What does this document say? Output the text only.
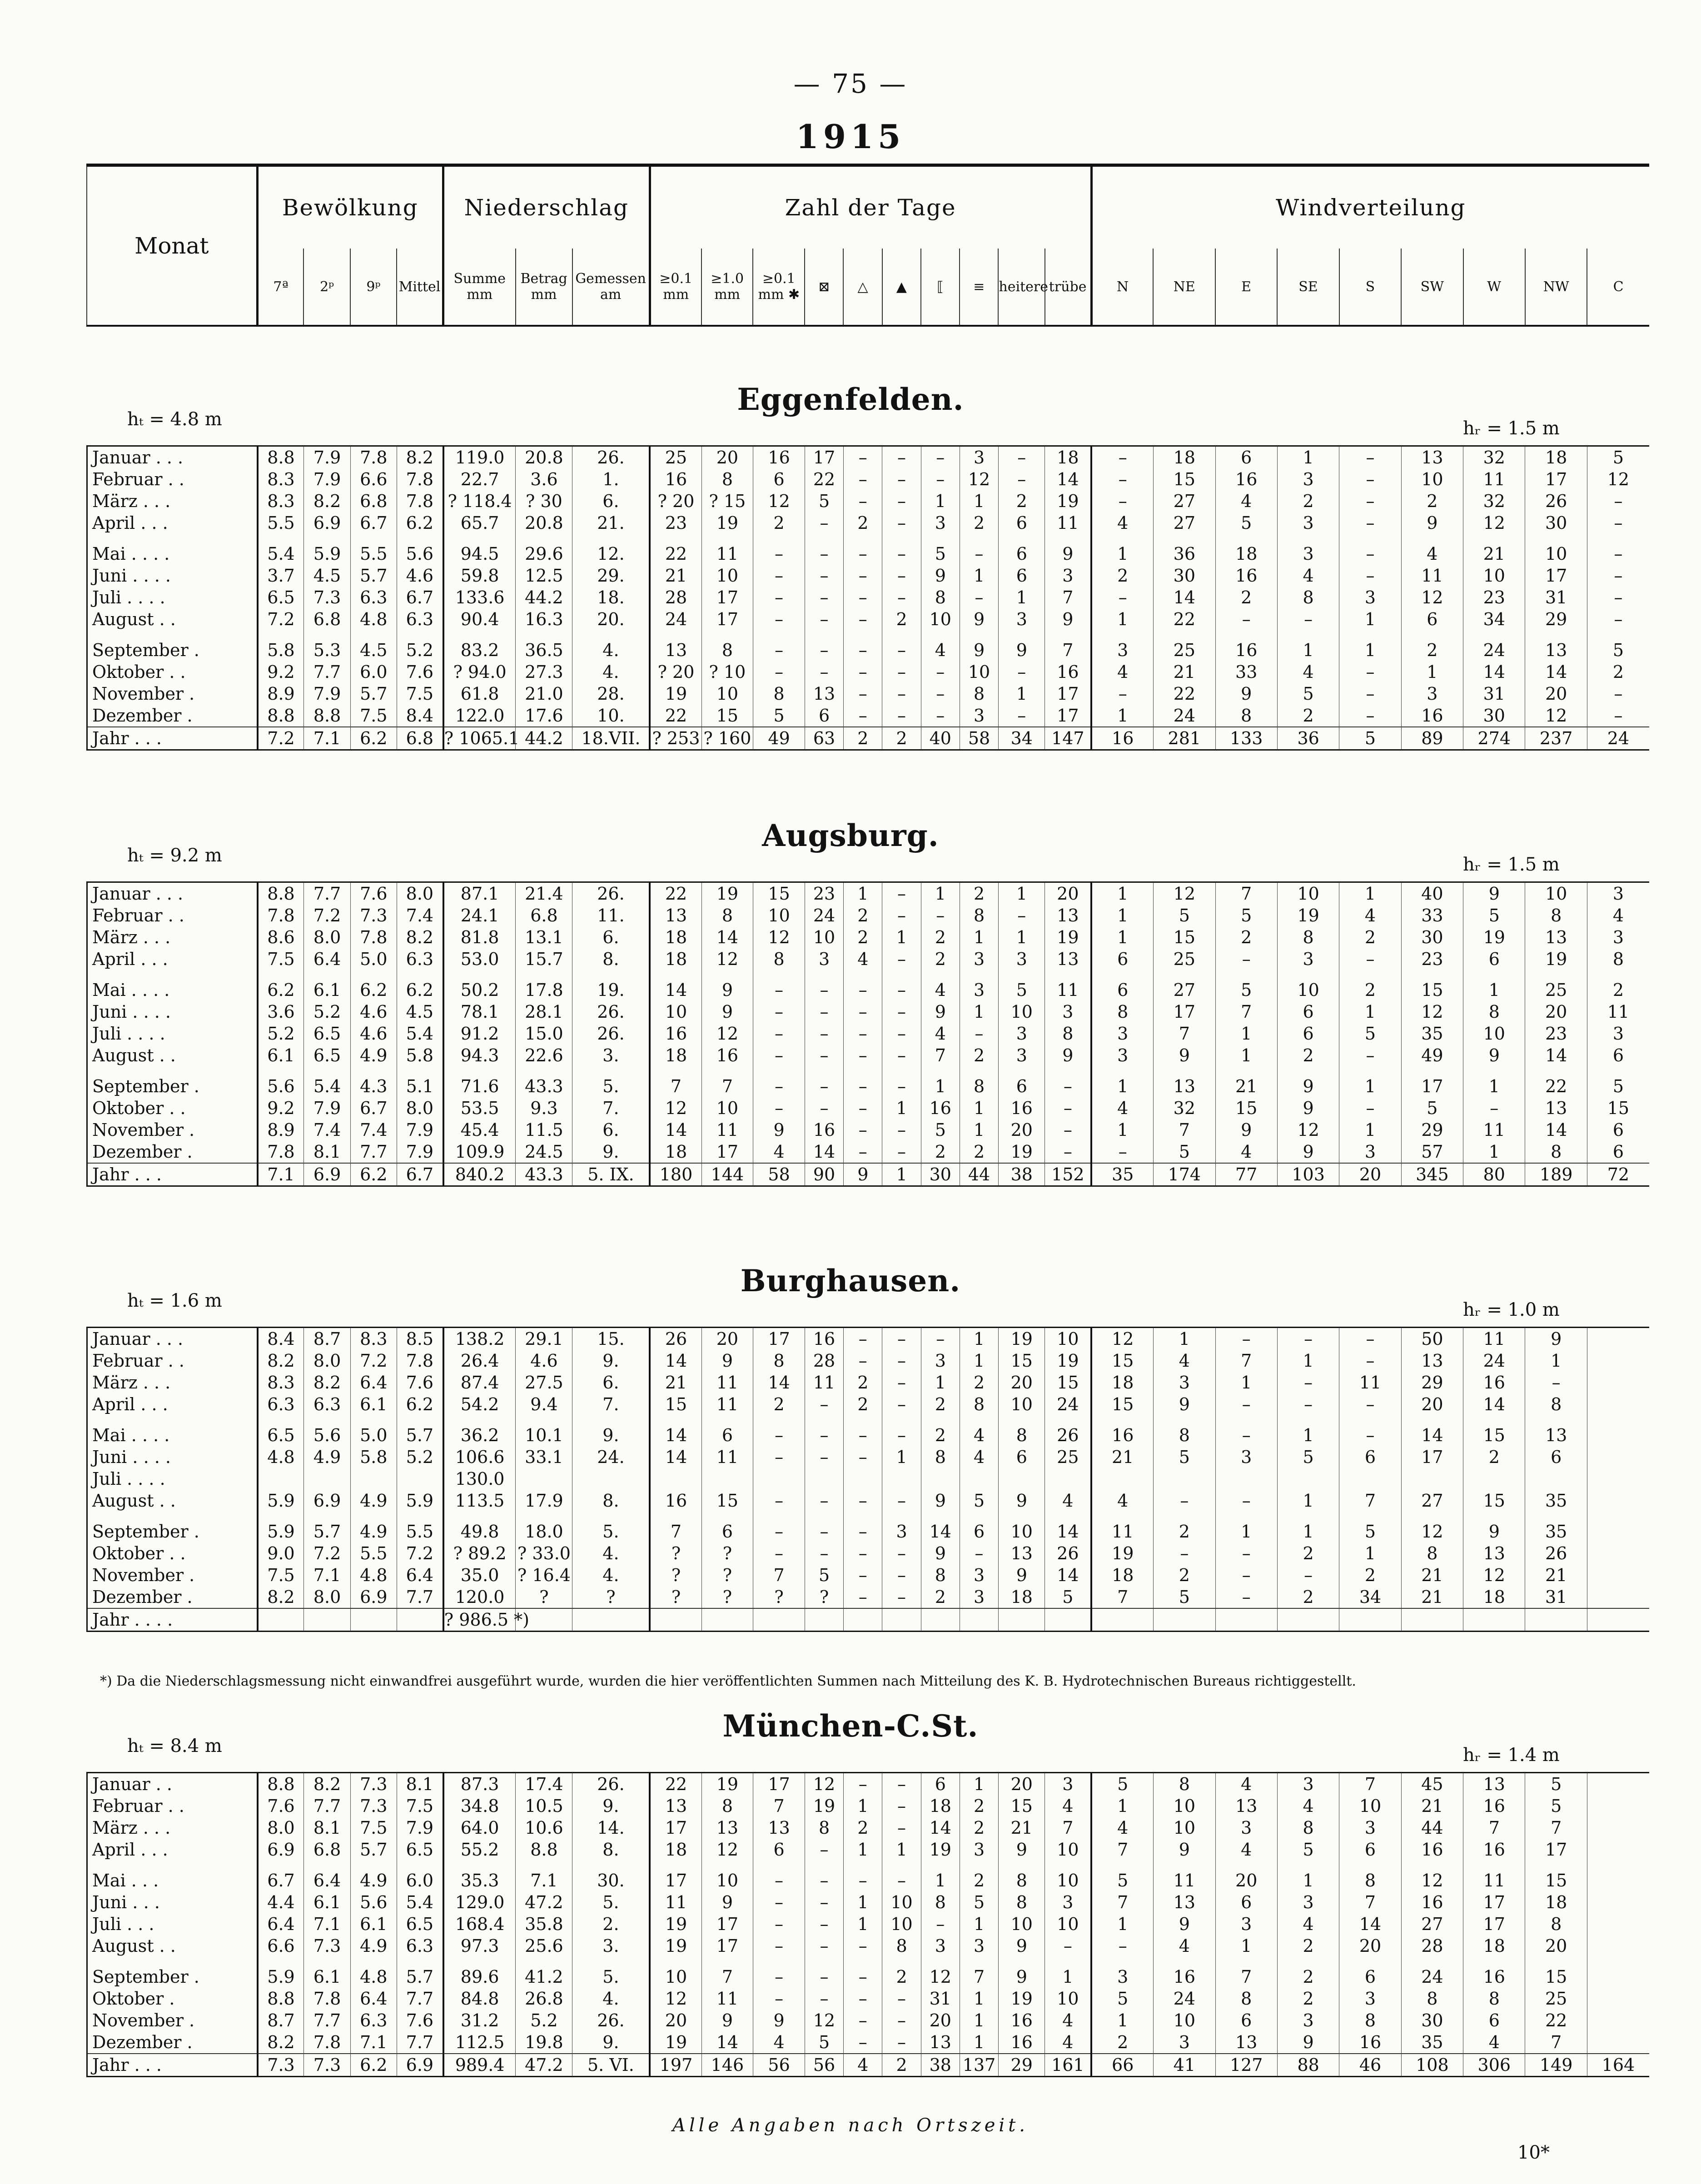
— 75 —
1915
Monat	Bewölkung				Niederschlag			Zahl der Tage										Windverteilung								
	7ª	2ᵖ	9ᵖ	Mittel	Summe mm	Betrag mm	Gemessen am	≥0.1 mm	≥1.0 mm	≥0.1 mm ✱	⊠	△	▲	⟦	≡	heitere	trübe	N	NE	E	SE	S	SW	W	NW	C
Eggenfelden.
hₜ = 4.8 m	hᵣ = 1.5 m
Januar . . .	8.8	7.9	7.8	8.2	119.0	20.8	26.	25	20	16	17	–	–	–	3	–	18	–	18	6	1	–	13	32	18	5
Februar . .	8.3	7.9	6.6	7.8	22.7	3.6	1.	16	8	6	22	–	–	–	12	–	14	–	15	16	3	–	10	11	17	12
März . . .	8.3	8.2	6.8	7.8	? 118.4	? 30	6.	? 20	? 15	12	5	–	–	1	1	2	19	–	27	4	2	–	2	32	26	–
April . . .	5.5	6.9	6.7	6.2	65.7	20.8	21.	23	19	2	–	2	–	3	2	6	11	4	27	5	3	–	9	12	30	–
Mai . . . .	5.4	5.9	5.5	5.6	94.5	29.6	12.	22	11	–	–	–	–	5	–	6	9	1	36	18	3	–	4	21	10	–
Juni . . . .	3.7	4.5	5.7	4.6	59.8	12.5	29.	21	10	–	–	–	–	9	1	6	3	2	30	16	4	–	11	10	17	–
Juli . . . .	6.5	7.3	6.3	6.7	133.6	44.2	18.	28	17	–	–	–	–	8	–	1	7	–	14	2	8	3	12	23	31	–
August . .	7.2	6.8	4.8	6.3	90.4	16.3	20.	24	17	–	–	–	2	10	9	3	9	1	22	–	–	1	6	34	29	–
September .	5.8	5.3	4.5	5.2	83.2	36.5	4.	13	8	–	–	–	–	4	9	9	7	3	25	16	1	1	2	24	13	5
Oktober . .	9.2	7.7	6.0	7.6	? 94.0	27.3	4.	? 20	? 10	–	–	–	–	–	10	–	16	4	21	33	4	–	1	14	14	2
November .	8.9	7.9	5.7	7.5	61.8	21.0	28.	19	10	8	13	–	–	–	8	1	17	–	22	9	5	–	3	31	20	–
Dezember .	8.8	8.8	7.5	8.4	122.0	17.6	10.	22	15	5	6	–	–	–	3	–	17	1	24	8	2	–	16	30	12	–
Jahr . . .	7.2	7.1	6.2	6.8	? 1065.1	44.2	18.VII.	? 253	? 160	49	63	2	2	40	58	34	147	16	281	133	36	5	89	274	237	24
Augsburg.
hₜ = 9.2 m	hᵣ = 1.5 m
Januar . . .	8.8	7.7	7.6	8.0	87.1	21.4	26.	22	19	15	23	1	–	1	2	1	20	1	12	7	10	1	40	9	10	3
Februar . .	7.8	7.2	7.3	7.4	24.1	6.8	11.	13	8	10	24	2	–	–	8	–	13	1	5	5	19	4	33	5	8	4
März . . .	8.6	8.0	7.8	8.2	81.8	13.1	6.	18	14	12	10	2	1	2	1	1	19	1	15	2	8	2	30	19	13	3
April . . .	7.5	6.4	5.0	6.3	53.0	15.7	8.	18	12	8	3	4	–	2	3	3	13	6	25	–	3	–	23	6	19	8
Mai . . . .	6.2	6.1	6.2	6.2	50.2	17.8	19.	14	9	–	–	–	–	4	3	5	11	6	27	5	10	2	15	1	25	2
Juni . . . .	3.6	5.2	4.6	4.5	78.1	28.1	26.	10	9	–	–	–	–	9	1	10	3	8	17	7	6	1	12	8	20	11
Juli . . . .	5.2	6.5	4.6	5.4	91.2	15.0	26.	16	12	–	–	–	–	4	–	3	8	3	7	1	6	5	35	10	23	3
August . .	6.1	6.5	4.9	5.8	94.3	22.6	3.	18	16	–	–	–	–	7	2	3	9	3	9	1	2	–	49	9	14	6
September .	5.6	5.4	4.3	5.1	71.6	43.3	5.	7	7	–	–	–	–	1	8	6	–	1	13	21	9	1	17	1	22	5
Oktober . .	9.2	7.9	6.7	8.0	53.5	9.3	7.	12	10	–	–	–	1	16	1	16	–	4	32	15	9	–	5	–	13	15
November .	8.9	7.4	7.4	7.9	45.4	11.5	6.	14	11	9	16	–	–	5	1	20	–	1	7	9	12	1	29	11	14	6
Dezember .	7.8	8.1	7.7	7.9	109.9	24.5	9.	18	17	4	14	–	–	2	2	19	–	–	5	4	9	3	57	1	8	6
Jahr . . .	7.1	6.9	6.2	6.7	840.2	43.3	5. IX.	180	144	58	90	9	1	30	44	38	152	35	174	77	103	20	345	80	189	72
Burghausen.
hₜ = 1.6 m	hᵣ = 1.0 m
Januar . . .	8.4	8.7	8.3	8.5	138.2	29.1	15.	26	20	17	16	–	–	–	1	19	10	12	1	–	–	–	50	11	9	
Februar . .	8.2	8.0	7.2	7.8	26.4	4.6	9.	14	9	8	28	–	–	3	1	15	19	15	4	7	1	–	13	24	1	
März . . .	8.3	8.2	6.4	7.6	87.4	27.5	6.	21	11	14	11	2	–	1	2	20	15	18	3	1	–	11	29	16	–	
April . . .	6.3	6.3	6.1	6.2	54.2	9.4	7.	15	11	2	–	2	–	2	8	10	24	15	9	–	–	–	20	14	8	
Mai . . . .	6.5	5.6	5.0	5.7	36.2	10.1	9.	14	6	–	–	–	–	2	4	8	26	16	8	–	1	–	14	15	13	
Juni . . . .	4.8	4.9	5.8	5.2	106.6	33.1	24.	14	11	–	–	–	1	8	4	6	25	21	5	3	5	6	17	2	6	
Juli . . . .					130.0																					
August . .	5.9	6.9	4.9	5.9	113.5	17.9	8.	16	15	–	–	–	–	9	5	9	4	4	–	–	1	7	27	15	35	
September .	5.9	5.7	4.9	5.5	49.8	18.0	5.	7	6	–	–	–	3	14	6	10	14	11	2	1	1	5	12	9	35	
Oktober . .	9.0	7.2	5.5	7.2	? 89.2	? 33.0	4.	?	?	–	–	–	–	9	–	13	26	19	–	–	2	1	8	13	26	
November .	7.5	7.1	4.8	6.4	35.0	? 16.4	4.	?	?	7	5	–	–	8	3	9	14	18	2	–	–	2	21	12	21	
Dezember .	8.2	8.0	6.9	7.7	120.0	?	?	?	?	?	?	–	–	2	3	18	5	7	5	–	2	34	21	18	31	
Jahr . . . .					? 986.5 *)																					
München-C.St.
hₜ = 8.4 m	hᵣ = 1.4 m
Januar . .	8.8	8.2	7.3	8.1	87.3	17.4	26.	22	19	17	12	–	–	6	1	20	3	5	8	4	3	7	45	13	5	
Februar . .	7.6	7.7	7.3	7.5	34.8	10.5	9.	13	8	7	19	1	–	18	2	15	4	1	10	13	4	10	21	16	5	
März . . .	8.0	8.1	7.5	7.9	64.0	10.6	14.	17	13	13	8	2	–	14	2	21	7	4	10	3	8	3	44	7	7	
April . . .	6.9	6.8	5.7	6.5	55.2	8.8	8.	18	12	6	–	1	1	19	3	9	10	7	9	4	5	6	16	16	17	
Mai . . .	6.7	6.4	4.9	6.0	35.3	7.1	30.	17	10	–	–	–	–	1	2	8	10	5	11	20	1	8	12	11	15	
Juni . . .	4.4	6.1	5.6	5.4	129.0	47.2	5.	11	9	–	–	1	10	8	5	8	3	7	13	6	3	7	16	17	18	
Juli . . .	6.4	7.1	6.1	6.5	168.4	35.8	2.	19	17	–	–	1	10	–	1	10	10	1	9	3	4	14	27	17	8	
August . .	6.6	7.3	4.9	6.3	97.3	25.6	3.	19	17	–	–	–	8	3	3	9	–	–	4	1	2	20	28	18	20	
September .	5.9	6.1	4.8	5.7	89.6	41.2	5.	10	7	–	–	–	2	12	7	9	1	3	16	7	2	6	24	16	15	
Oktober .	8.8	7.8	6.4	7.7	84.8	26.8	4.	12	11	–	–	–	–	31	1	19	10	5	24	8	2	3	8	8	25	
November .	8.7	7.7	6.3	7.6	31.2	5.2	26.	20	9	9	12	–	–	20	1	16	4	1	10	6	3	8	30	6	22	
Dezember .	8.2	7.8	7.1	7.7	112.5	19.8	9.	19	14	4	5	–	–	13	1	16	4	2	3	13	9	16	35	4	7	
Jahr . . .	7.3	7.3	6.2	6.9	989.4	47.2	5. VI.	197	146	56	56	4	2	38	137	29	161	66	41	127	88	46	108	306	149	164
*) Da die Niederschlagsmessung nicht einwandfrei ausgeführt wurde, wurden die hier veröffentlichten Summen nach Mitteilung des K. B. Hydrotechnischen Bureaus richtiggestellt.
Alle Angaben nach Ortszeit.
10*
